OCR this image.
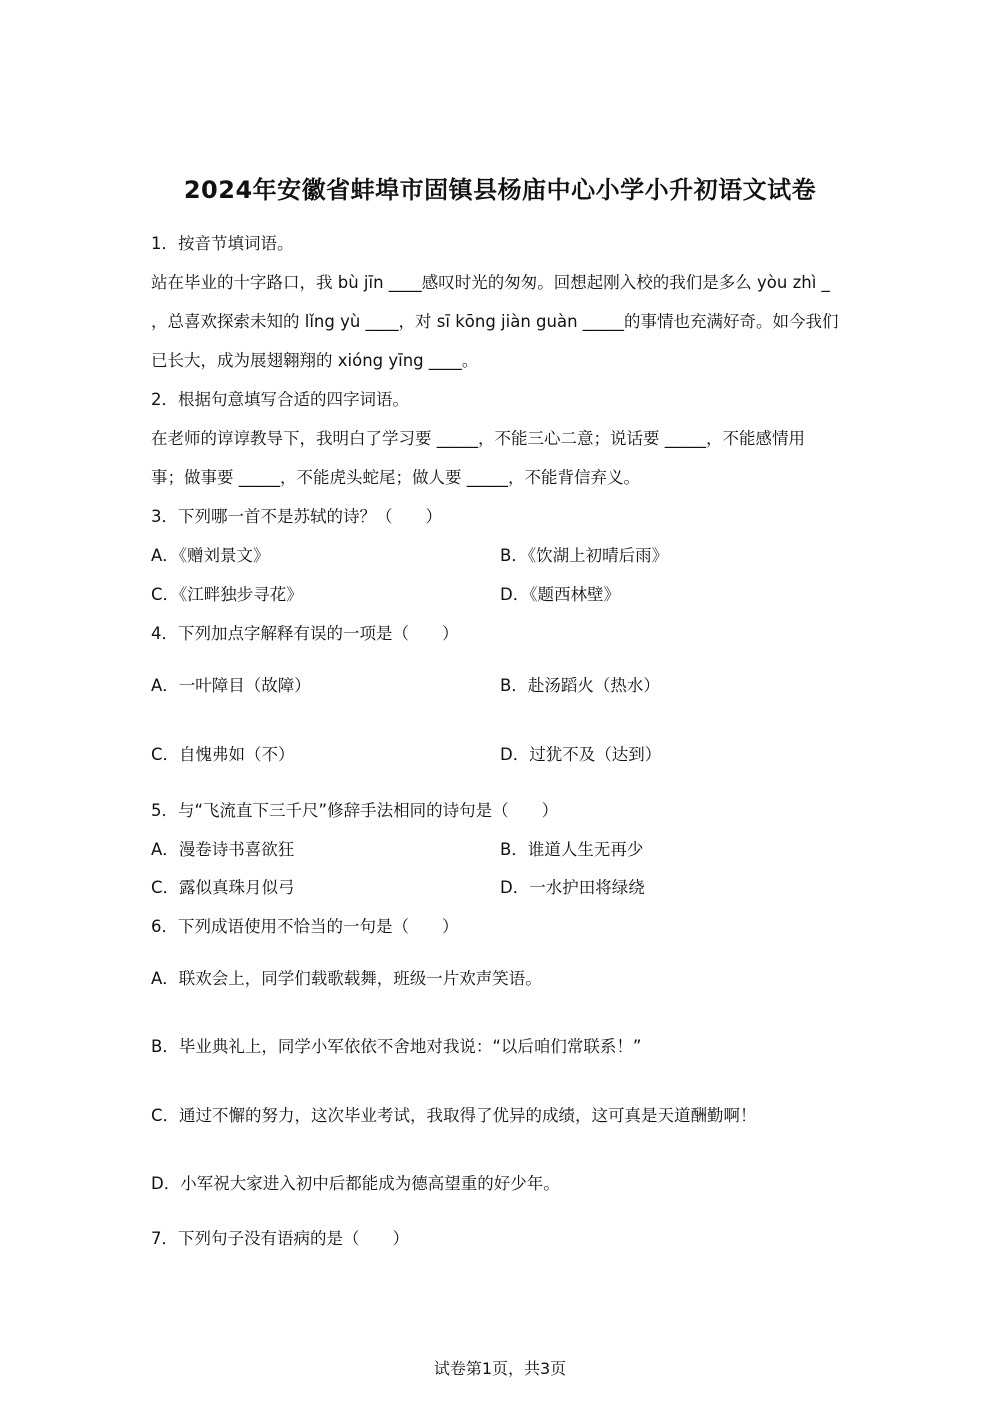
2024年安徽省蚌埠市固镇县杨庙中心小学小升初语文试卷
1．按音节填词语。
站在毕业的十字路口，我 bù jīn ____感叹时光的匆匆。回想起刚入校的我们是多么 yòu zhì _
，总喜欢探索未知的 lǐng yù ____，对 sī kōng jiàn guàn _____的事情也充满好奇。如今我们
已长大，成为展翅翱翔的 xióng yīng ____。
2．根据句意填写合适的四字词语。
在老师的谆谆教导下，我明白了学习要 _____，不能三心二意；说话要 _____，不能感情用
事；做事要 _____，不能虎头蛇尾；做人要 _____，不能背信弃义。
3．下列哪一首不是苏轼的诗？（　　）
A．《赠刘景文》	B．《饮湖上初晴后雨》
C．《江畔独步寻花》	D．《题西林壁》
4．下列加点字解释有误的一项是（　　）
A．一叶障目（故障）	B．赴汤蹈火（热水）
C．自愧弗如（不）	D．过犹不及（达到）
5．与“飞流直下三千尺”修辞手法相同的诗句是（　　）
A．漫卷诗书喜欲狂	B．谁道人生无再少
C．露似真珠月似弓	D．一水护田将绿绕
6．下列成语使用不恰当的一句是（　　）
A．联欢会上，同学们载歌载舞，班级一片欢声笑语。
B．毕业典礼上，同学小军依依不舍地对我说：“以后咱们常联系！”
C．通过不懈的努力，这次毕业考试，我取得了优异的成绩，这可真是天道酬勤啊！
D．小军祝大家进入初中后都能成为德高望重的好少年。
7．下列句子没有语病的是（　　）
试卷第1页，共3页
